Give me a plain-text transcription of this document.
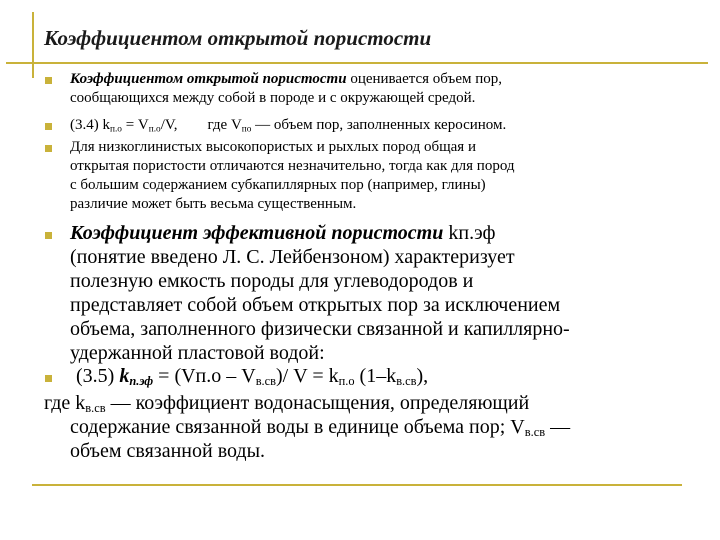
Коэффициентом открытой пористости
Коэффициентом открытой пористости оценивается объем пор,
сообщающихся между собой в породе и с окружающей средой.
(3.4) $k_{п.о} = V_{п.о}/V$,        где $V_{по}$ — объем пор, заполненных керосином.
Для низкоглинистых высокопористых и рыхлых пород общая и
открытая пористости отличаются незначительно, тогда как для пород
с большим содержанием субкапиллярных пор (например, глины)
различие может быть весьма существенным.
Коэффициент эффективной пористости kп.эф
(понятие введено Л. С. Лейбензоном) характеризует
полезную емкость породы для углеводородов и
представляет собой объем открытых пор за исключением
объема, заполненного физически связанной и капиллярно-
удержанной пластовой водой:
(3.5) $k_{п.эф} = (Vп.о - V_{в.св})/$ $V = k_{п.о}$ $(1-k_{в.св})$,
где $k_{в.св}$ — коэффициент водонасыщения, определяющий
содержание связанной воды в единице объема пор; $V_{в.св}$ —
объем связанной воды.
